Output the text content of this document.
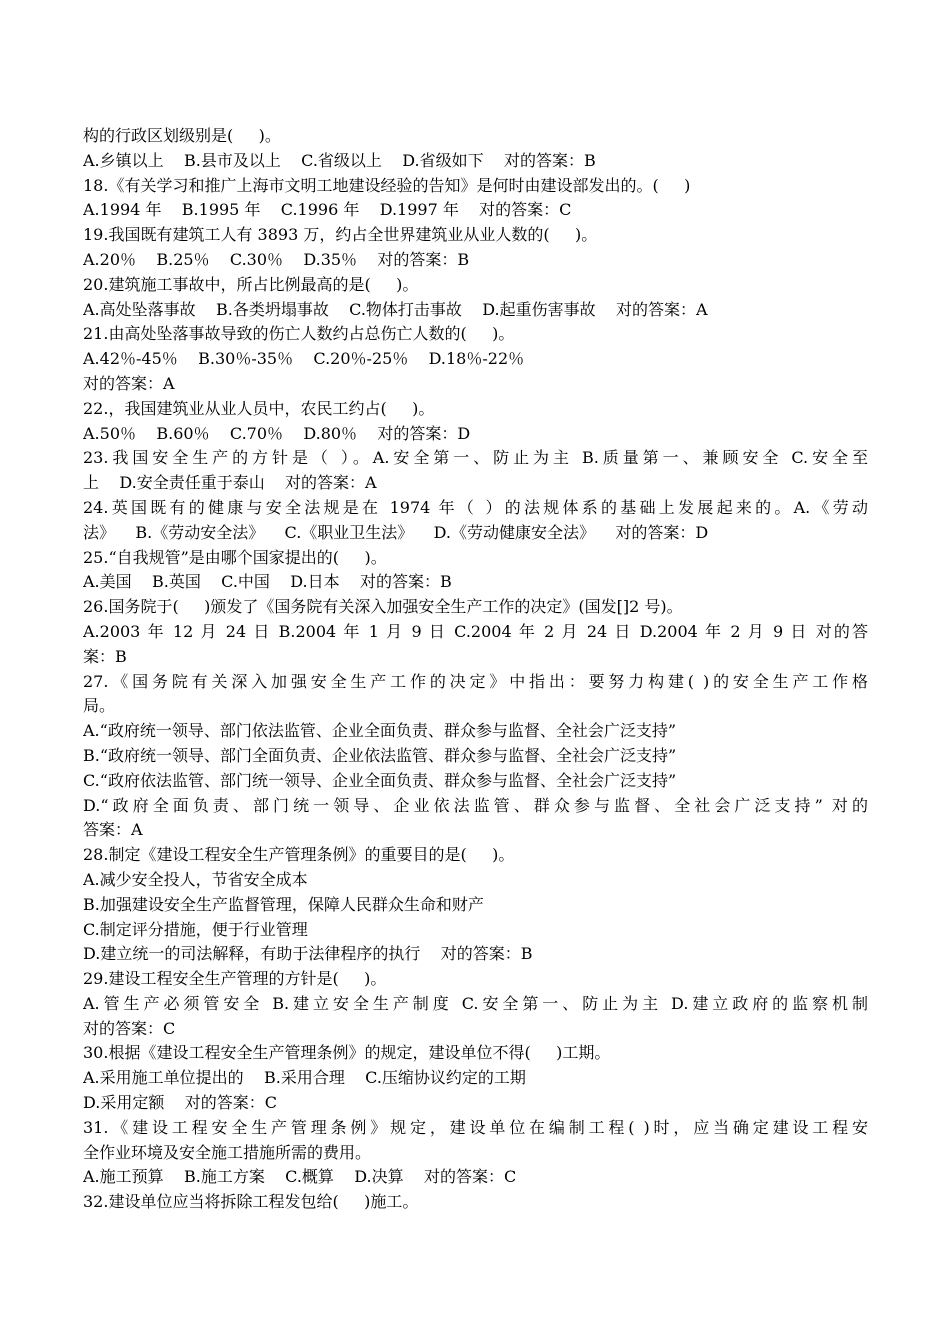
构的行政区划级别是(     )。
A.乡镇以上    B.县市及以上    C.省级以上    D.省级如下    对的答案：B
18.《有关学习和推广上海市文明工地建设经验的告知》是何时由建设部发出的。(     )
A.1994 年    B.1995 年    C.1996 年    D.1997 年    对的答案：C
19.我国既有建筑工人有 3893 万，约占全世界建筑业从业人数的(     )。
A.20％    B.25％    C.30％    D.35％    对的答案：B
20.建筑施工事故中，所占比例最高的是(     )。
A.高处坠落事故    B.各类坍塌事故    C.物体打击事故    D.起重伤害事故    对的答案：A
21.由高处坠落事故导致的伤亡人数约占总伤亡人数的(     )。
A.42％-45％    B.30％-35％    C.20％-25％    D.18％-22％
对的答案：A
22.，我国建筑业从业人员中，农民工约占(     )。
A.50％    B.60％    C.70％    D.80％    对的答案：D
23.我国安全生产的方针是（ ）。A.安全第一、防止为主 B.质量第一、兼顾安全 C.安全至
上    D.安全责任重于泰山    对的答案：A
24.英国既有的健康与安全法规是在 1974 年（ ）的法规体系的基础上发展起来的。A.《劳动
法》    B.《劳动安全法》    C.《职业卫生法》    D.《劳动健康安全法》    对的答案：D
25.“自我规管”是由哪个国家提出的(     )。
A.美国    B.英国    C.中国    D.日本    对的答案：B
26.国务院于(     )颁发了《国务院有关深入加强安全生产工作的决定》(国发[]2 号)。
A.2003 年 12 月 24 日 B.2004 年 1 月 9 日 C.2004 年 2 月 24 日 D.2004 年 2 月 9 日 对的答
案：B
27.《国务院有关深入加强安全生产工作的决定》中指出：要努力构建( )的安全生产工作格
局。
A.“政府统一领导、部门依法监管、企业全面负责、群众参与监督、全社会广泛支持”
B.“政府统一领导、部门全面负责、企业依法监管、群众参与监督、全社会广泛支持”
C.“政府依法监管、部门统一领导、企业全面负责、群众参与监督、全社会广泛支持”
D.“政府全面负责、部门统一领导、企业依法监管、群众参与监督、全社会广泛支持” 对的
答案：A
28.制定《建设工程安全生产管理条例》的重要目的是(     )。
A.减少安全投人，节省安全成本
B.加强建设安全生产监督管理，保障人民群众生命和财产
C.制定评分措施，便于行业管理
D.建立统一的司法解释，有助于法律程序的执行    对的答案：B
29.建设工程安全生产管理的方针是(     )。
A.管生产必须管安全 B.建立安全生产制度 C.安全第一、防止为主 D.建立政府的监察机制
对的答案：C
30.根据《建设工程安全生产管理条例》的规定，建设单位不得(     )工期。
A.采用施工单位提出的    B.采用合理    C.压缩协议约定的工期
D.采用定额    对的答案：C
31.《建设工程安全生产管理条例》规定，建设单位在编制工程( )时，应当确定建设工程安
全作业环境及安全施工措施所需的费用。
A.施工预算    B.施工方案    C.概算    D.决算    对的答案：C
32.建设单位应当将拆除工程发包给(     )施工。
